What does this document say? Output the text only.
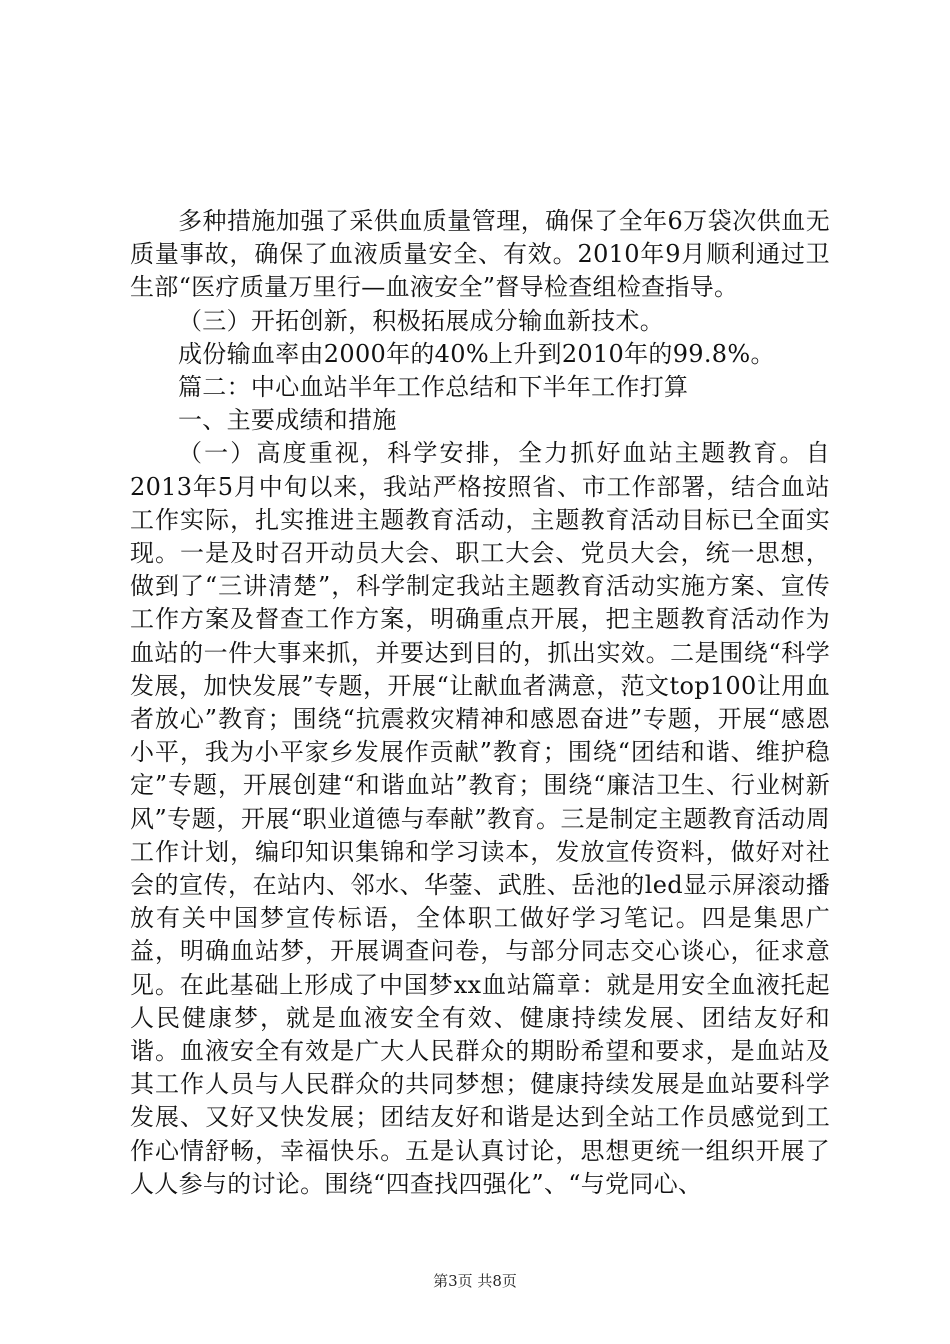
多种措施加强了采供血质量管理，确保了全年6万袋次供血无质量事故，确保了血液质量安全、有效。2010年9月顺利通过卫生部“医疗质量万里行—血液安全”督导检查组检查指导。

（三）开拓创新，积极拓展成分输血新技术。

成份输血率由2000年的40%上升到2010年的99.8%。

篇二：中心血站半年工作总结和下半年工作打算

一、主要成绩和措施

（一）高度重视，科学安排，全力抓好血站主题教育。自2013年5月中旬以来，我站严格按照省、市工作部署，结合血站工作实际，扎实推进主题教育活动，主题教育活动目标已全面实现。一是及时召开动员大会、职工大会、党员大会，统一思想，做到了“三讲清楚”，科学制定我站主题教育活动实施方案、宣传工作方案及督查工作方案，明确重点开展，把主题教育活动作为血站的一件大事来抓，并要达到目的，抓出实效。二是围绕“科学发展，加快发展”专题，开展“让献血者满意，范文top100让用血者放心”教育；围绕“抗震救灾精神和感恩奋进”专题，开展“感恩小平，我为小平家乡发展作贡献”教育；围绕“团结和谐、维护稳定”专题，开展创建“和谐血站”教育；围绕“廉洁卫生、行业树新风”专题，开展“职业道德与奉献”教育。三是制定主题教育活动周工作计划，编印知识集锦和学习读本，发放宣传资料，做好对社会的宣传，在站内、邻水、华蓥、武胜、岳池的led显示屏滚动播放有关中国梦宣传标语，全体职工做好学习笔记。四是集思广益，明确血站梦，开展调查问卷，与部分同志交心谈心，征求意见。在此基础上形成了中国梦xx血站篇章：就是用安全血液托起人民健康梦，就是血液安全有效、健康持续发展、团结友好和谐。血液安全有效是广大人民群众的期盼希望和要求，是血站及其工作人员与人民群众的共同梦想；健康持续发展是血站要科学发展、又好又快发展；团结友好和谐是达到全站工作员感觉到工作心情舒畅，幸福快乐。五是认真讨论，思想更统一组织开展了人人参与的讨论。围绕“四查找四强化”、“与党同心、

第3页 共8页
